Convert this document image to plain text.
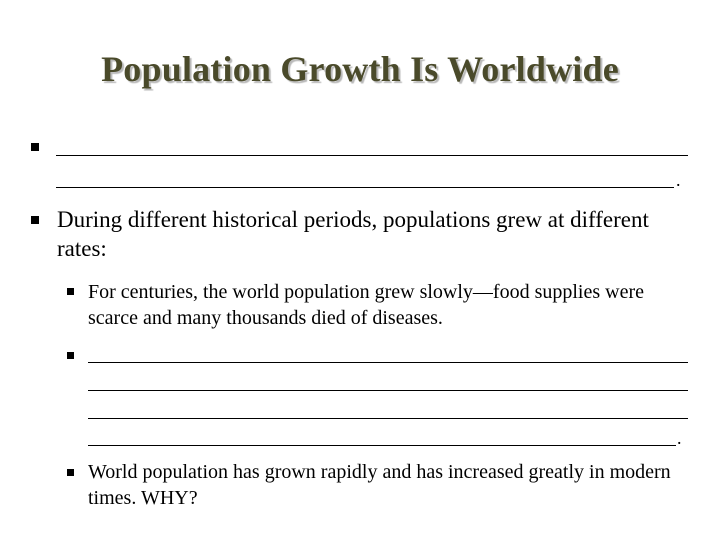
Population Growth Is Worldwide
.
During different historical periods, populations grew at different rates:
For centuries, the world population grew slowly—food supplies were scarce and many thousands died of diseases.
.
World population has grown rapidly and has increased greatly in modern times. WHY?
